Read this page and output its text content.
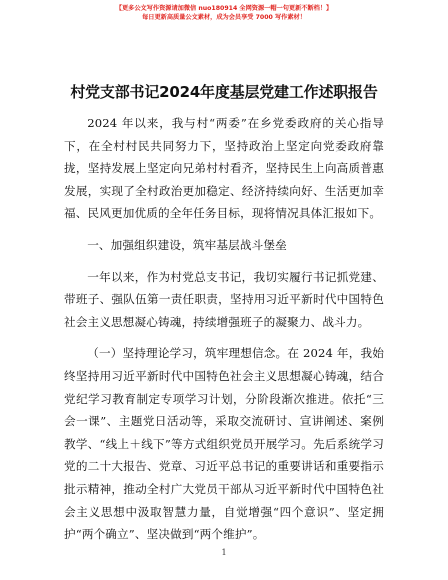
【更多公文写作资源请加微信 nuo180914 全网资源一帽一句更新不断档！】
每日更新高质量公文素材，成为会员享受 7000 写作素材！
村党支部书记2024年度基层党建工作述职报告

2024 年以来，我与村“两委”在乡党委政府的关心指导下，在全村村民共同努力下，坚持政治上坚定向党委政府靠拢，坚持发展上坚定向兄弟村村看齐，坚持民生上向高质普惠发展，实现了全村政治更加稳定、经济持续向好、生活更加幸福、民风更加优质的全年任务目标，现将情况具体汇报如下。

一、加强组织建设，筑牢基层战斗堡垒

一年以来，作为村党总支书记，我切实履行书记抓党建、带班子、强队伍第一责任职责，坚持用习近平新时代中国特色社会主义思想凝心铸魂，持续增强班子的凝聚力、战斗力。

（一）坚持理论学习，筑牢理想信念。在 2024 年，我始终坚持用习近平新时代中国特色社会主义思想凝心铸魂，结合党纪学习教育制定专项学习计划，分阶段渐次推进。依托“三会一课”、主题党日活动等，采取交流研讨、宣讲阐述、案例教学、“线上＋线下”等方式组织党员开展学习。先后系统学习党的二十大报告、党章、习近平总书记的重要讲话和重要指示批示精神，推动全村广大党员干部从习近平新时代中国特色社会主义思想中汲取智慧力量，自觉增强“四个意识”、坚定拥护“两个确立”、坚决做到“两个维护”。

1
